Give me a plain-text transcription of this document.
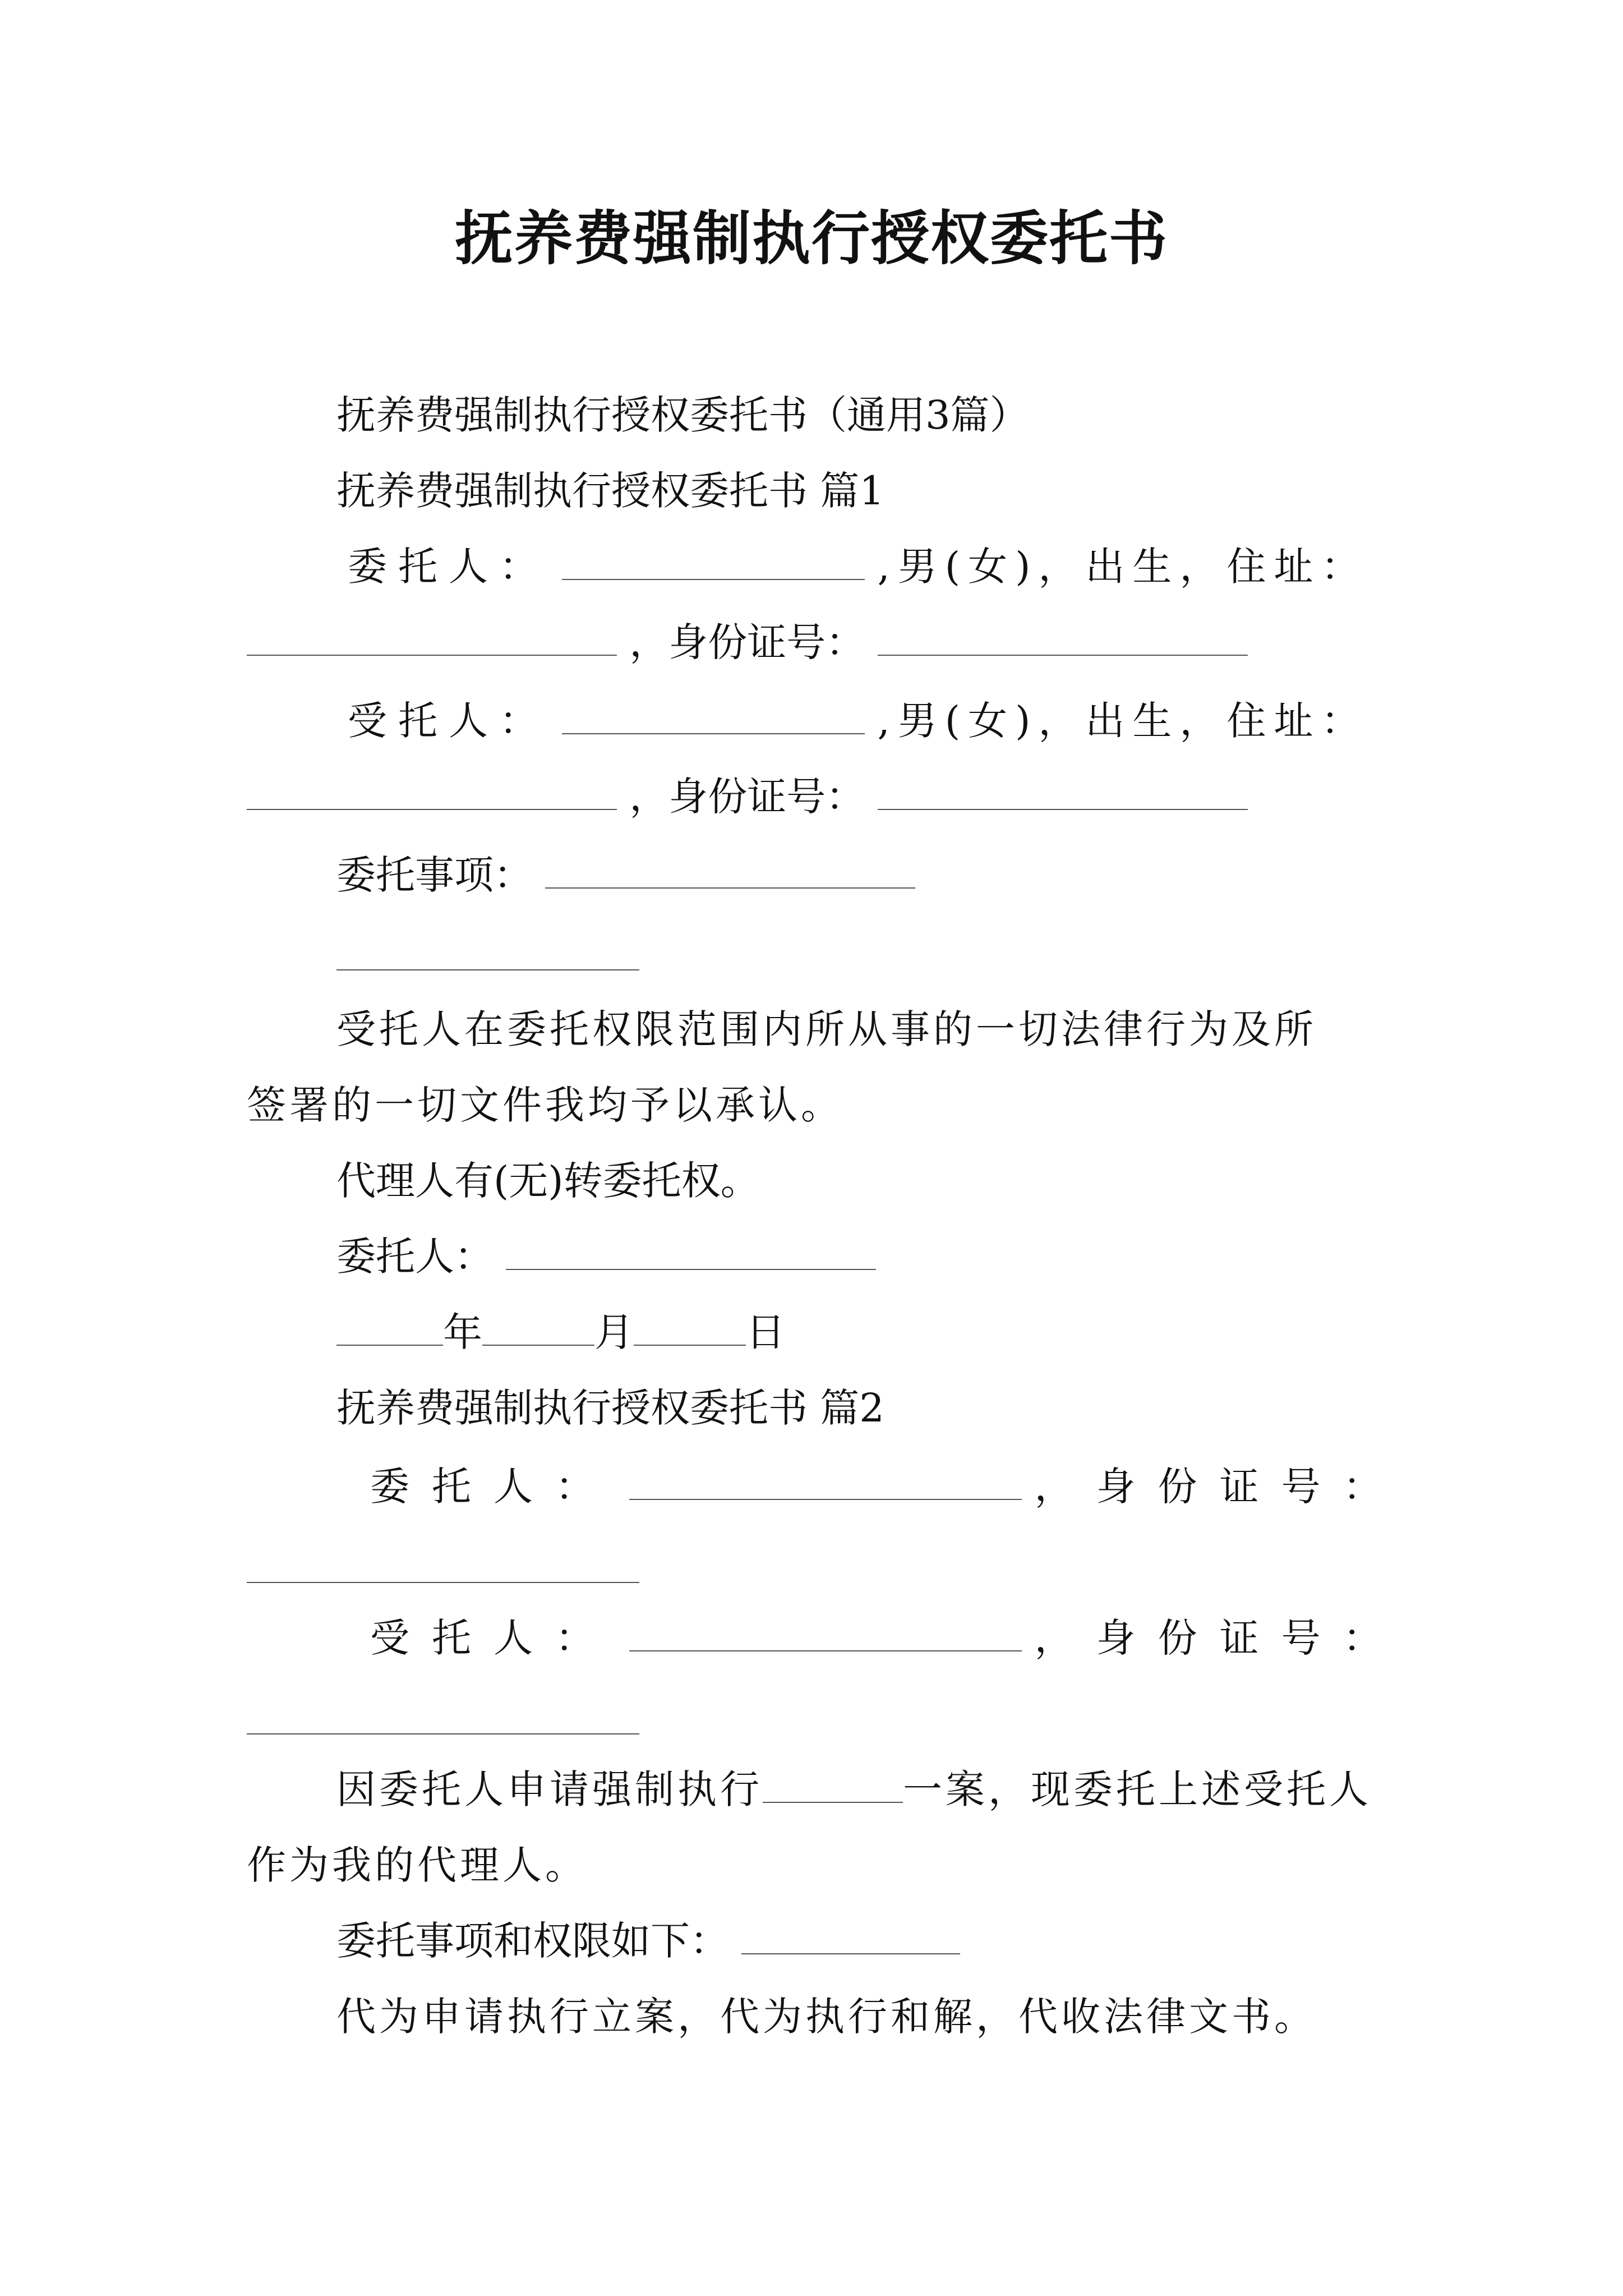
抚养费强制执行授权委托书
抚养费强制执行授权委托书（通用3篇）
抚养费强制执行授权委托书 篇1
委托人：	,男(女)，出生，住址：
，身份证号：
受托人：	,男(女)，出生，住址：
，身份证号：
委托事项：
受托人在委托权限范围内所从事的一切法律行为及所
签署的一切文件我均予以承认。
代理人有(无)转委托权。
委托人：
年	月	日
抚养费强制执行授权委托书 篇2
委托人：	，身份证号：
受托人：	，身份证号：
因委托人申请强制执行	一案，现委托上述受托人
作为我的代理人。
委托事项和权限如下：
代为申请执行立案，代为执行和解，代收法律文书。
